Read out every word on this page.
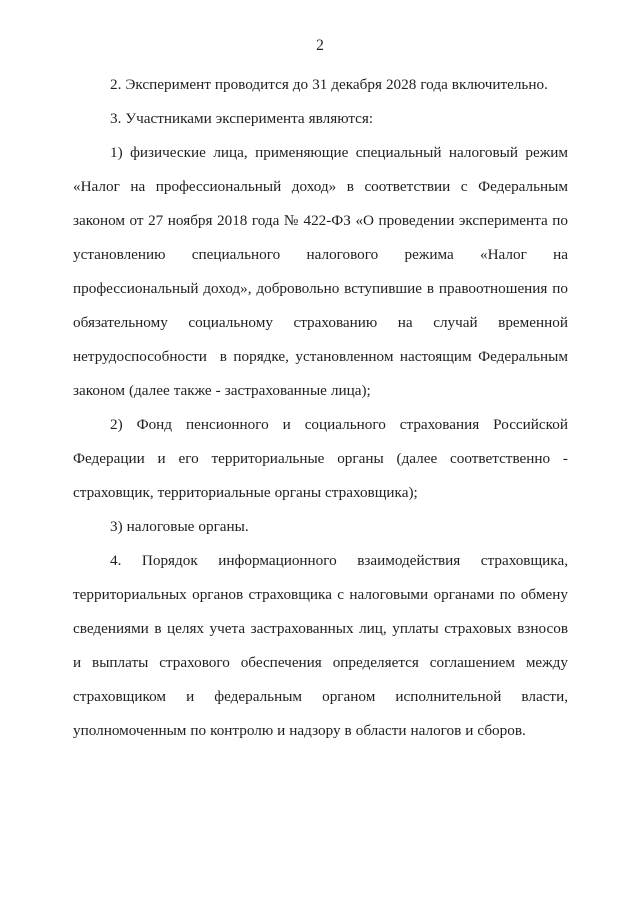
2

2. Эксперимент проводится до 31 декабря 2028 года включительно.

3. Участниками эксперимента являются:

1) физические лица, применяющие специальный налоговый режим «Налог на профессиональный доход» в соответствии с Федеральным законом от 27 ноября 2018 года № 422-ФЗ «О проведении эксперимента по установлению специального налогового режима «Налог на профессиональный доход», добровольно вступившие в правоотношения по обязательному социальному страхованию на случай временной нетрудоспособности  в порядке, установленном настоящим Федеральным законом (далее также - застрахованные лица);

2) Фонд пенсионного и социального страхования Российской Федерации и его территориальные органы (далее соответственно - страховщик, территориальные органы страховщика);

3) налоговые органы.

4. Порядок информационного взаимодействия страховщика, территориальных органов страховщика с налоговыми органами по обмену сведениями в целях учета застрахованных лиц, уплаты страховых взносов и выплаты страхового обеспечения определяется соглашением между страховщиком и федеральным органом исполнительной власти, уполномоченным по контролю и надзору в области налогов и сборов.
